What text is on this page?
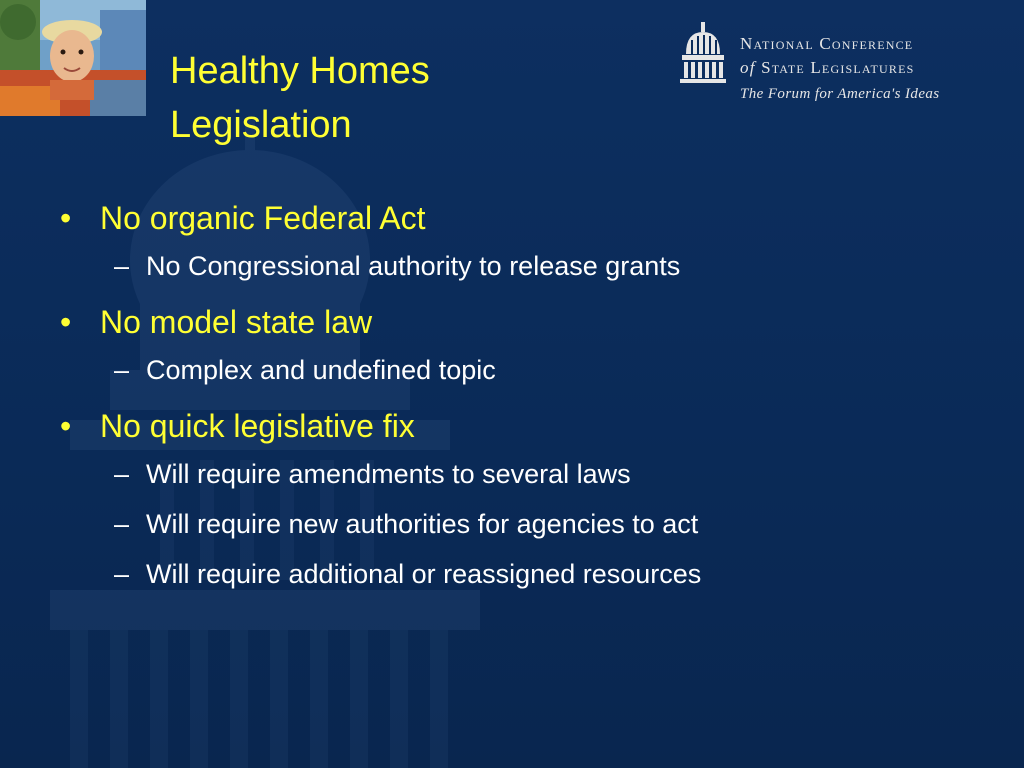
Healthy Homes
Legislation
National Conference
of State Legislatures
The Forum for America's Ideas
• No organic Federal Act
– No Congressional authority to release grants
• No model state law
– Complex and undefined topic
• No quick legislative fix
– Will require amendments to several laws
– Will require new authorities for agencies to act
– Will require additional or reassigned resources
